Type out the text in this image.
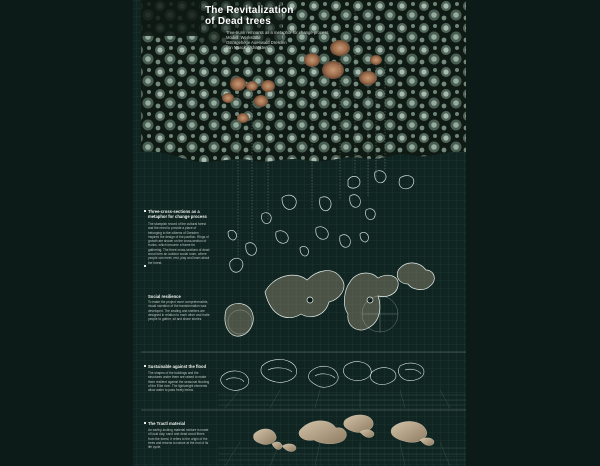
The Revitalization
of Dead trees
Tree-trunk remnants as a metaphor for change process
Modell: Werkstätte
Ostragehege Auenwald Dresden
von Noack Architekten
Three-cross-sections as a metaphor for change process
The stumpish record of the cultural forest and the need to provide a place of belonging to the citizens of Dresden inspired the design of the pavilion. Rings of growth are shown on the cross-section of trunks, which become a frame for gathering. The three cross-sections of dead wood form an outdoor social room, where people can meet, rest, play and learn about the forest.
Social resilience
To make the project more comprehensible, visual narration of the transformation was developed. The seating and shelters are designed in relation to each other and invite people to gather, sit and share stories.
Sustainable against the flood
The shapes of the buildings and the structures under them are raised to make them resilient against the seasonal flooding of the Elbe river. The lightweight elements allow water to pass freely below.
The Tractl material
An earthy-looking material mixture is made of local clay, sand and dead wood fibres from the forest. It refers to the origin of the trees and returns to nature at the end of its life cycle.
